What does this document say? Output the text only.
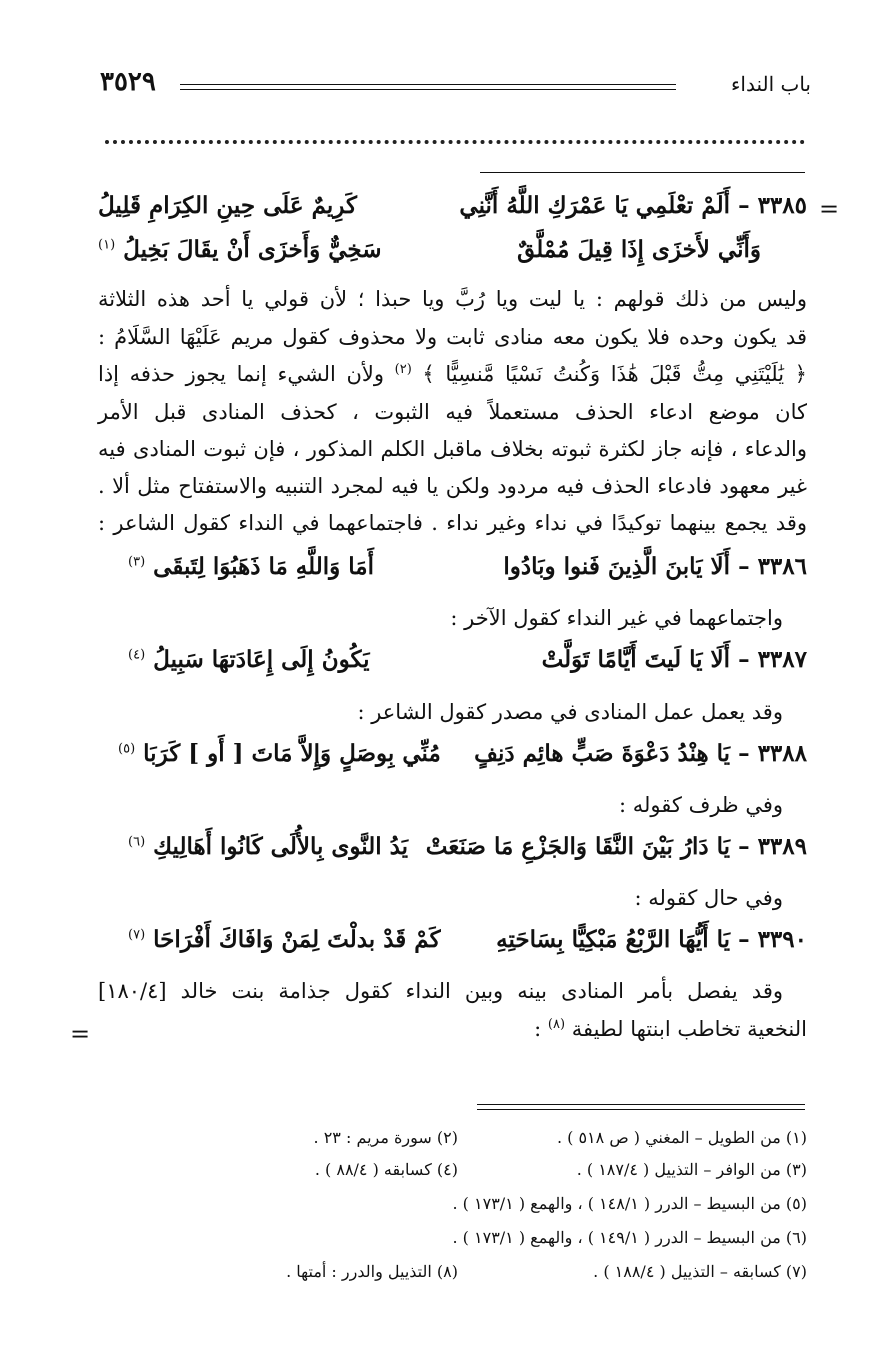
باب النداء
٣٥٢٩
=
٣٣٨٥ – أَلَمْ تعْلَمِي يَا عَمْرَكِ اللَّهُ أَنَّنِي
كَرِيمٌ عَلَى حِينِ الكِرَامِ قَلِيلُ
وَأَنِّي لأَخزَى إِذَا قِيلَ مُمْلَّقٌ
سَخِيٌّ وَأَخزَى أَنْ يقَالَ بَخِيلُ $^{(١)}$
وليس من ذلك قولهم : يا ليت ويا رُبَّ ويا حبذا ؛ لأن قولي يا أحد هذه الثلاثة
قد يكون وحده فلا يكون معه منادى ثابت ولا محذوف كقول مريم عَلَيْهَا السَّلَامُ :
﴿ يَٰلَيْتَنِي مِتُّ قَبْلَ هَٰذَا وَكُنتُ نَسْيًا مَّنسِيًّا ﴾ $^{(٢)}$ ولأن الشيء إنما يجوز حذفه إذا
كان موضع ادعاء الحذف مستعملاً فيه الثبوت ، كحذف المنادى قبل الأمر
والدعاء ، فإنه جاز لكثرة ثبوته بخلاف ماقبل الكلم المذكور ، فإن ثبوت المنادى فيه
غير معهود فادعاء الحذف فيه مردود ولكن يا فيه لمجرد التنبيه والاستفتاح مثل ألا .
وقد يجمع بينهما توكيدًا في نداء وغير نداء . فاجتماعهما في النداء كقول الشاعر :
٣٣٨٦ – أَلَا يَابنَ الَّذِينَ فَنوا وبَادُوا
أَمَا وَاللَّهِ مَا ذَهَبُوَا لِتَبقَى $^{(٣)}$
واجتماعهما في غير النداء كقول الآخر :
٣٣٨٧ – أَلَا يَا لَيتَ أَيَّامًا تَوَلَّتْ
يَكُونُ إِلَى إِعَادَتهَا سَبِيلُ $^{(٤)}$
وقد يعمل عمل المنادى في مصدر كقول الشاعر :
٣٣٨٨ – يَا هِنْدُ دَعْوَةَ صَبٍّ هائِم دَنِفٍ
مُنِّي بِوصَلٍ وَإِلاَّ مَاتَ [ أَو ] كَرَبَا $^{(٥)}$
وفي ظرف كقوله :
٣٣٨٩ – يَا دَارُ بَيْنَ النَّقَا وَالجَزْعِ مَا صَنَعَتْ
يَدُ النَّوى بِالأُلَى كَانُوا أَهَالِيكِ $^{(٦)}$
وفي حال كقوله :
٣٣٩٠ – يَا أَيُّهَا الرَّبْعُ مَبْكِيًّا بِسَاحَتِهِ
كَمْ قَدْ بدلْتَ لِمَنْ وَافَاكَ أَفْرَاحَا $^{(٧)}$
وقد يفصل بأمر المنادى بينه وبين النداء كقول جذامة بنت خالد [١٨٠/٤]
النخعية تخاطب ابنتها لطيفة $^{(٨)}$ :
=
(١) من الطويل – المغني ( ص ٥١٨ ) .
(٢) سورة مريم : ٢٣ .
(٣) من الوافر – التذييل ( ١٨٧/٤ ) .
(٤) كسابقه ( ٨٨/٤ ) .
(٥) من البسيط – الدرر ( ١٤٨/١ ) ، والهمع ( ١٧٣/١ ) .
(٦) من البسيط – الدرر ( ١٤٩/١ ) ، والهمع ( ١٧٣/١ ) .
(٧) كسابقه – التذييل ( ١٨٨/٤ ) .
(٨) التذييل والدرر : أمتها .
